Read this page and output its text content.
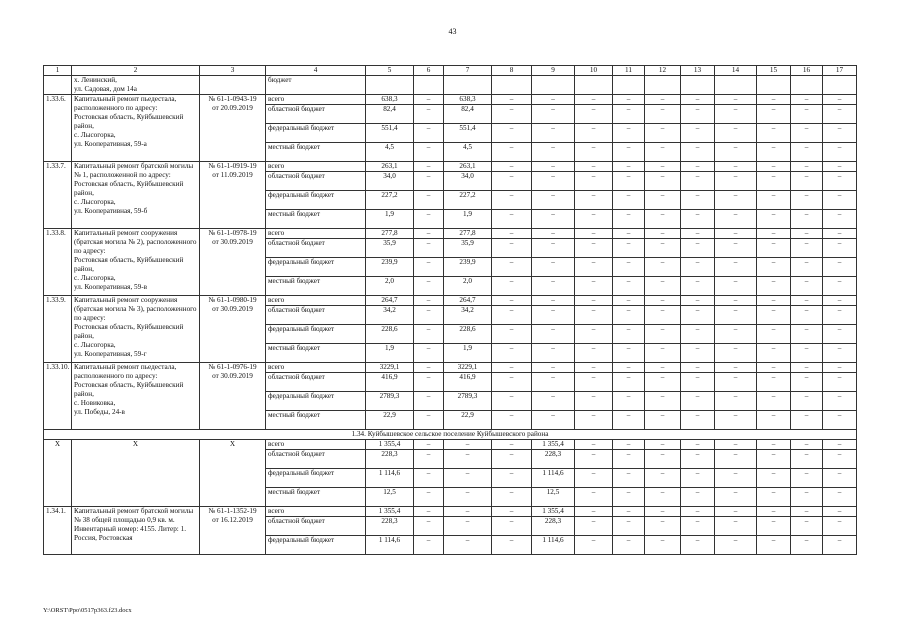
43
1	2	3	4	5	6	7	8	9	10	11	12	13	14	15	16	17
	х. Ленинский,
ул. Садовая, дом 14а		бюджет													
1.33.6.	Капитальный ремонт пьедестала, расположенного по адресу:
Ростовская область, Куйбышевский район,
с. Лысогорка,
ул. Кооперативная, 59-а	№ 61-1-0943-19
от 20.09.2019	всего	638,3	–	638,3	–	–	–	–	–	–	–	–	–	–
			областной бюджет	82,4	–	82,4	–	–	–	–	–	–	–	–	–	–
			федеральный бюджет	551,4	–	551,4	–	–	–	–	–	–	–	–	–	–
			местный бюджет	4,5	–	4,5	–	–	–	–	–	–	–	–	–	–
1.33.7.	Капитальный ремонт братской могилы № 1, расположенной по адресу:
Ростовская область, Куйбышевский район,
с. Лысогорка,
ул. Кооперативная, 59-б	№ 61-1-0919-19
от 11.09.2019	всего	263,1	–	263,1	–	–	–	–	–	–	–	–	–	–
			областной бюджет	34,0	–	34,0	–	–	–	–	–	–	–	–	–	–
			федеральный бюджет	227,2	–	227,2	–	–	–	–	–	–	–	–	–	–
			местный бюджет	1,9	–	1,9	–	–	–	–	–	–	–	–	–	–
1.33.8.	Капитальный ремонт сооружения (братская могила № 2), расположенного по адресу:
Ростовская область, Куйбышевский район,
с. Лысогорка,
ул. Кооперативная, 59-в	№ 61-1-0978-19
от 30.09.2019	всего	277,8	–	277,8	–	–	–	–	–	–	–	–	–	–
			областной бюджет	35,9	–	35,9	–	–	–	–	–	–	–	–	–	–
			федеральный бюджет	239,9	–	239,9	–	–	–	–	–	–	–	–	–	–
			местный бюджет	2,0	–	2,0	–	–	–	–	–	–	–	–	–	–
1.33.9.	Капитальный ремонт сооружения (братская могила № 3), расположенного по адресу:
Ростовская область, Куйбышевский район,
с. Лысогорка,
ул. Кооперативная, 59-г	№ 61-1-0980-19
от 30.09.2019	всего	264,7	–	264,7	–	–	–	–	–	–	–	–	–	–
			областной бюджет	34,2	–	34,2	–	–	–	–	–	–	–	–	–	–
			федеральный бюджет	228,6	–	228,6	–	–	–	–	–	–	–	–	–	–
			местный бюджет	1,9	–	1,9	–	–	–	–	–	–	–	–	–	–
1.33.10.	Капитальный ремонт пьедестала, расположенного по адресу:
Ростовская область, Куйбышевский район,
с. Новиковка,
ул. Победы, 24-в	№ 61-1-0976-19
от 30.09.2019	всего	3229,1	–	3229,1	–	–	–	–	–	–	–	–	–	–
			областной бюджет	416,9	–	416,9	–	–	–	–	–	–	–	–	–	–
			федеральный бюджет	2789,3	–	2789,3	–	–	–	–	–	–	–	–	–	–
			местный бюджет	22,9	–	22,9	–	–	–	–	–	–	–	–	–	–
1.34. Куйбышевское сельское поселение Куйбышевского района																
X	X	X	всего	1 355,4	–	–	–	1 355,4	–	–	–	–	–	–	–	–
			областной бюджет	228,3	–	–	–	228,3	–	–	–	–	–	–	–	–
			федеральный бюджет	1 114,6	–	–	–	1 114,6	–	–	–	–	–	–	–	–
			местный бюджет	12,5	–	–	–	12,5	–	–	–	–	–	–	–	–
1.34.1.	Капитальный ремонт братской могилы № 38 общей площадью 0,9 кв. м. Инвентарный номер: 4155. Литер: 1. Россия, Ростовская	№ 61-1-1352-19
от 16.12.2019	всего	1 355,4	–	–	–	1 355,4	–	–	–	–	–	–	–	–
			областной бюджет	228,3	–	–	–	228,3	–	–	–	–	–	–	–	–
			федеральный бюджет	1 114,6	–	–	–	1 114,6	–	–	–	–	–	–	–	–
Y:\ORST\Ppo\0517p363.f23.docx
